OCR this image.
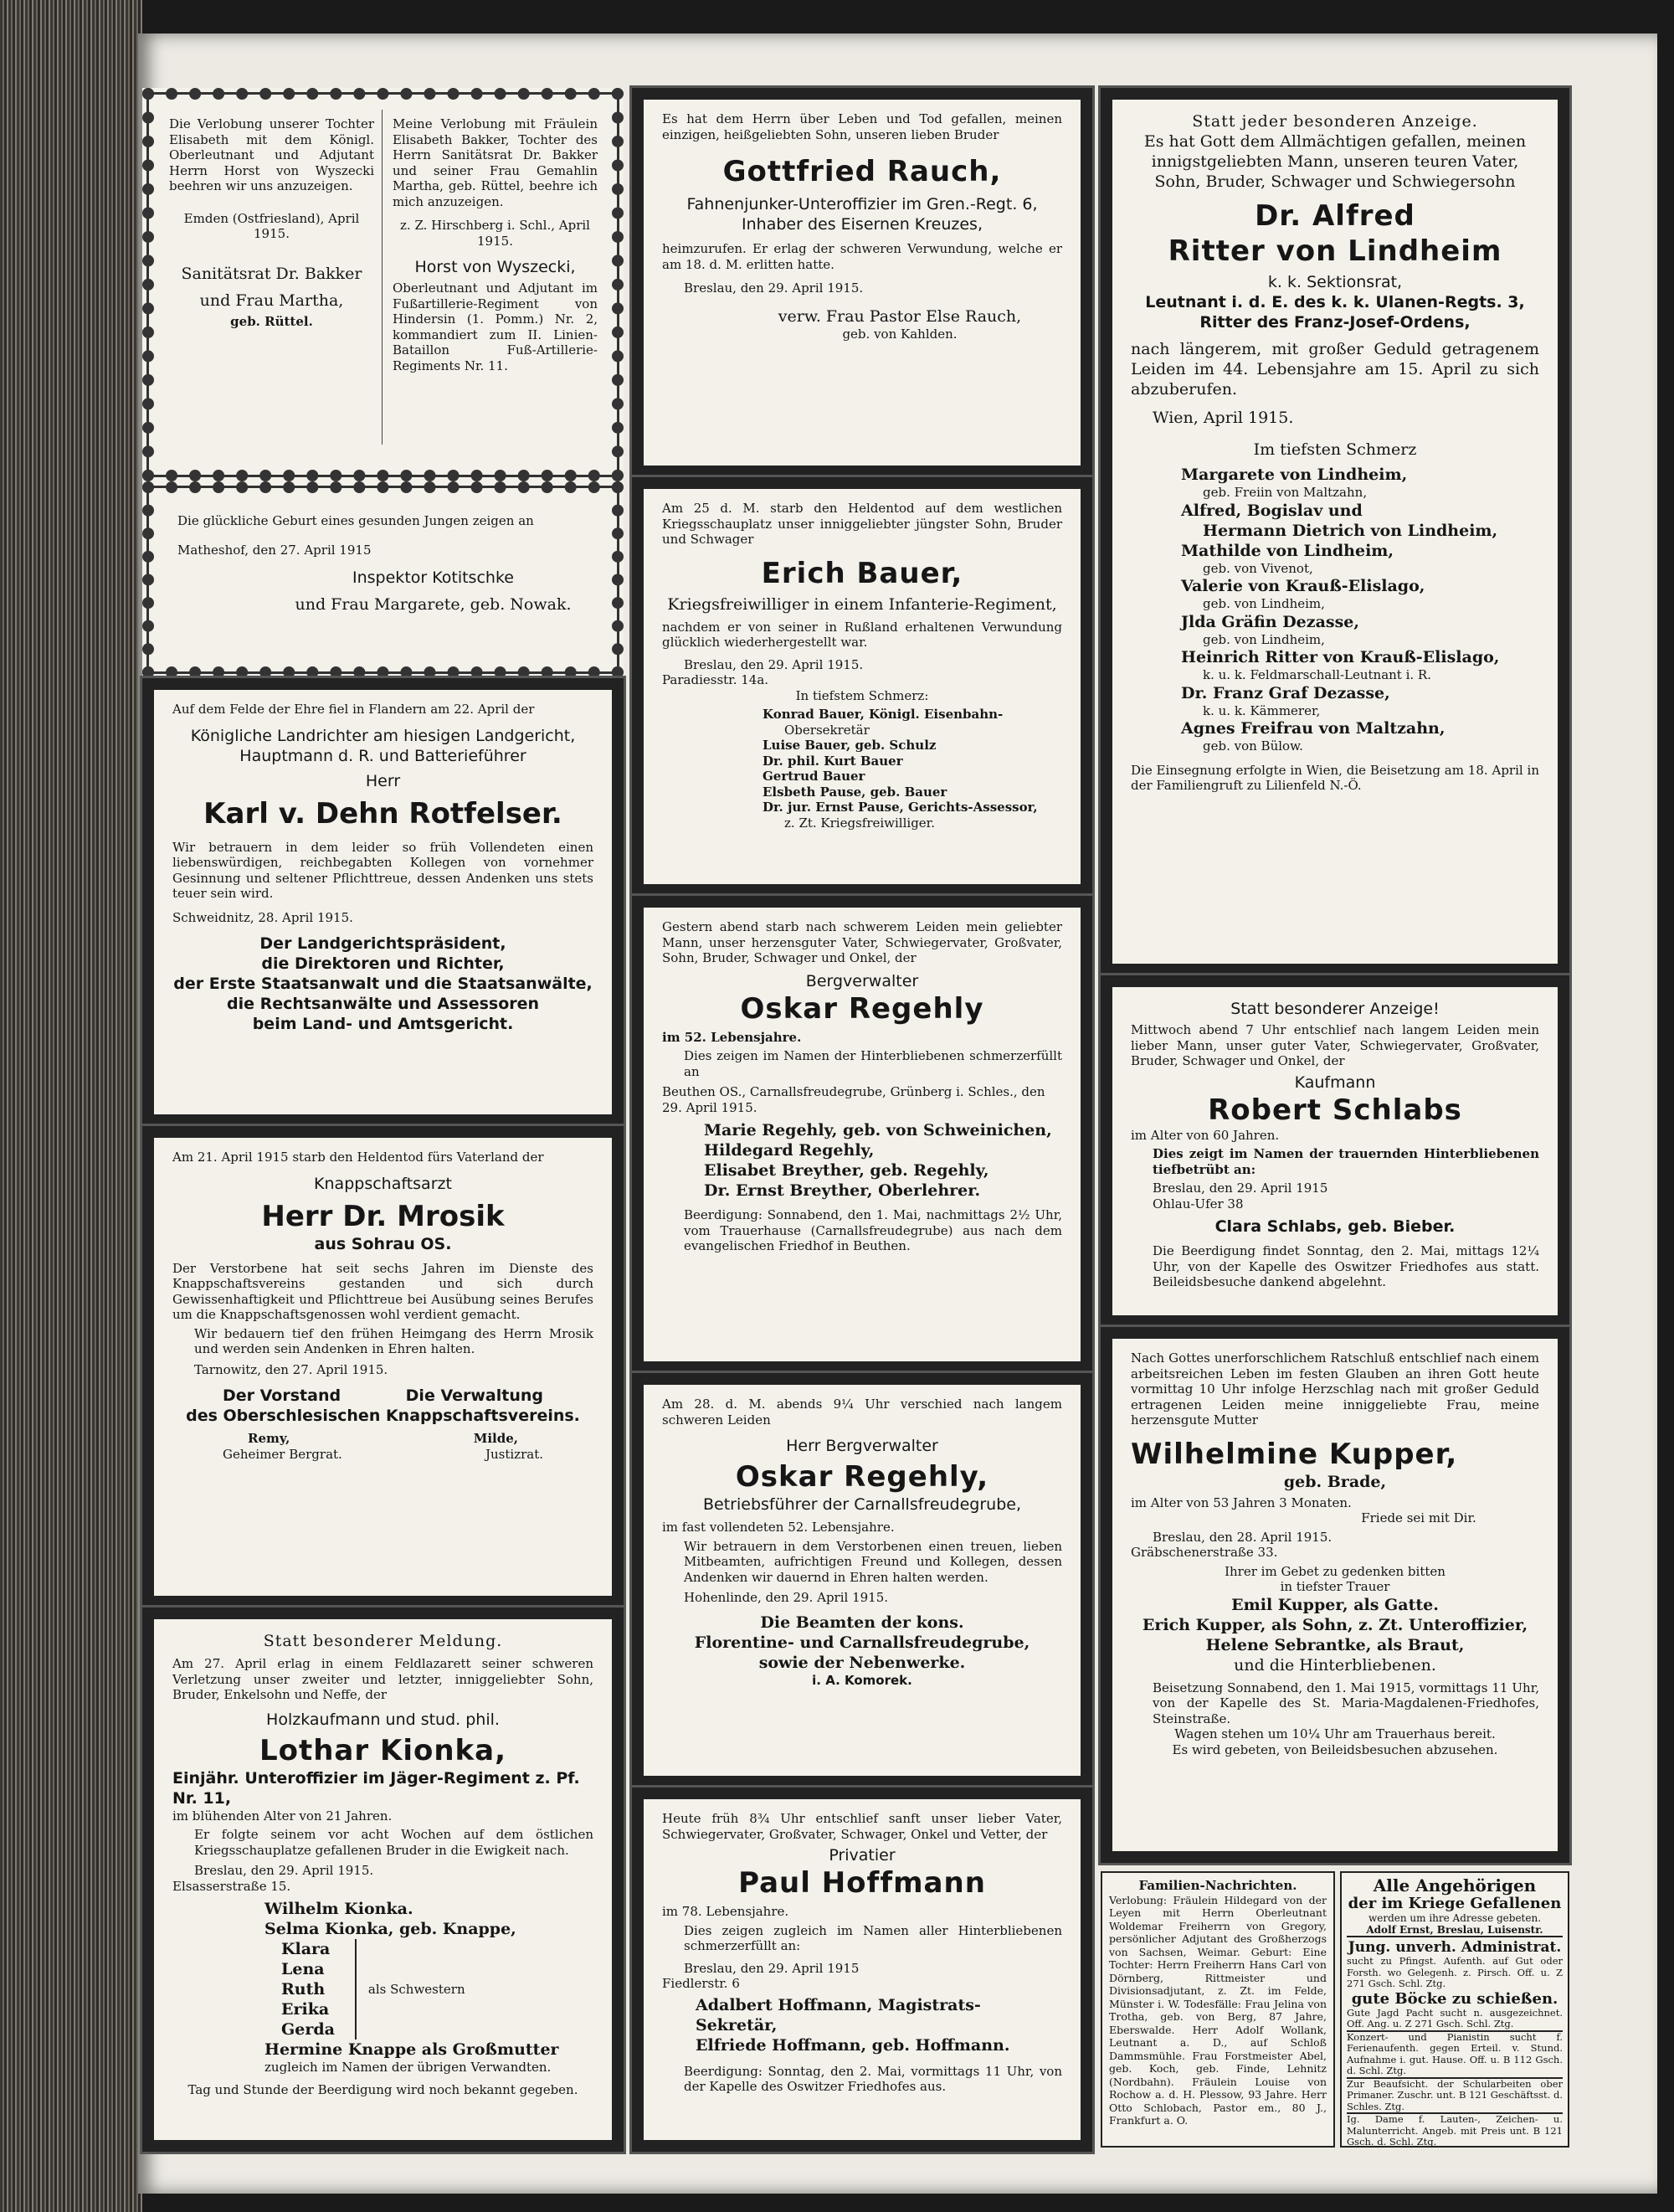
Die Verlobung unserer Tochter Elisabeth mit dem Königl. Oberleutnant und Adjutant Herrn Horst von Wyszecki beehren wir uns anzuzeigen.

Emden (Ostfriesland), April 1915.

Sanitätsrat Dr. Bakker

und Frau Martha,

geb. Rüttel.

Meine Verlobung mit Fräulein Elisabeth Bakker, Tochter des Herrn Sanitätsrat Dr. Bakker und seiner Frau Gemahlin Martha, geb. Rüttel, beehre ich mich anzuzeigen.

z. Z. Hirschberg i. Schl., April 1915.

Horst von Wyszecki,

Oberleutnant und Adjutant im Fußartillerie-Regiment von Hindersin (1. Pomm.) Nr. 2, kommandiert zum II. Linien-Bataillon Fuß-Artillerie-Regiments Nr. 11.

Die glückliche Geburt eines gesunden Jungen zeigen an

Matheshof, den 27. April 1915

Inspektor Kotitschke

und Frau Margarete, geb. Nowak.

Auf dem Felde der Ehre fiel in Flandern am 22. April der

Königliche Landrichter am hiesigen Landgericht,

Hauptmann d. R. und Batterieführer

Herr

Karl v. Dehn Rotfelser.

Wir betrauern in dem leider so früh Vollendeten einen liebenswürdigen, reichbegabten Kollegen von vornehmer Gesinnung und seltener Pflichttreue, dessen Andenken uns stets teuer sein wird.

Schweidnitz, 28. April 1915.

Der Landgerichtspräsident,

die Direktoren und Richter,

der Erste Staatsanwalt und die Staatsanwälte,

die Rechtsanwälte und Assessoren

beim Land- und Amtsgericht.

Am 21. April 1915 starb den Heldentod fürs Vaterland der

Knappschaftsarzt

Herr Dr. Mrosik

aus Sohrau OS.

Der Verstorbene hat seit sechs Jahren im Dienste des Knappschaftsvereins gestanden und sich durch Gewissenhaftigkeit und Pflichttreue bei Ausübung seines Berufes um die Knappschaftsgenossen wohl verdient gemacht.

Wir bedauern tief den frühen Heimgang des Herrn Mrosik und werden sein Andenken in Ehren halten.

Tarnowitz, den 27. April 1915.

Der Vorstand	Die Verwaltung

des Oberschlesischen Knappschaftsvereins.

Remy,	Milde,
Geheimer Bergrat.	Justizrat.

Statt besonderer Meldung.

Am 27. April erlag in einem Feldlazarett seiner schweren Verletzung unser zweiter und letzter, inniggeliebter Sohn, Bruder, Enkelsohn und Neffe, der

Holzkaufmann und stud. phil.

Lothar Kionka,

Einjähr. Unteroffizier im Jäger-Regiment z. Pf. Nr. 11,

im blühenden Alter von 21 Jahren.

Er folgte seinem vor acht Wochen auf dem östlichen Kriegsschauplatze gefallenen Bruder in die Ewigkeit nach.

Breslau, den 29. April 1915.

Elsasserstraße 15.

Wilhelm Kionka.

Selma Kionka, geb. Knappe,

Klara

Lena

Ruth

Erika

Gerda

als Schwestern

Hermine Knappe als Großmutter

zugleich im Namen der übrigen Verwandten.

Tag und Stunde der Beerdigung wird noch bekannt gegeben.

Es hat dem Herrn über Leben und Tod gefallen, meinen einzigen, heißgeliebten Sohn, unseren lieben Bruder

Gottfried Rauch,

Fahnenjunker-Unteroffizier im Gren.-Regt. 6,

Inhaber des Eisernen Kreuzes,

heimzurufen. Er erlag der schweren Verwundung, welche er am 18. d. M. erlitten hatte.

Breslau, den 29. April 1915.

verw. Frau Pastor Else Rauch,

geb. von Kahlden.

Am 25 d. M. starb den Heldentod auf dem westlichen Kriegsschauplatz unser inniggeliebter jüngster Sohn, Bruder und Schwager

Erich Bauer,

Kriegsfreiwilliger in einem Infanterie-Regiment,

nachdem er von seiner in Rußland erhaltenen Verwundung glücklich wiederhergestellt war.

Breslau, den 29. April 1915.

Paradiesstr. 14a.

In tiefstem Schmerz:

Konrad Bauer, Königl. Eisenbahn-

Obersekretär

Luise Bauer, geb. Schulz

Dr. phil. Kurt Bauer

Gertrud Bauer

Elsbeth Pause, geb. Bauer

Dr. jur. Ernst Pause, Gerichts-Assessor,

z. Zt. Kriegsfreiwilliger.

Gestern abend starb nach schwerem Leiden mein geliebter Mann, unser herzensguter Vater, Schwiegervater, Großvater, Sohn, Bruder, Schwager und Onkel, der

Bergverwalter

Oskar Regehly

im 52. Lebensjahre.

Dies zeigen im Namen der Hinterbliebenen schmerzerfüllt an

Beuthen OS., Carnallsfreudegrube, Grünberg i. Schles., den 29. April 1915.

Marie Regehly, geb. von Schweinichen,

Hildegard Regehly,

Elisabet Breyther, geb. Regehly,

Dr. Ernst Breyther, Oberlehrer.

Beerdigung: Sonnabend, den 1. Mai, nachmittags 2½ Uhr, vom Trauerhause (Carnallsfreudegrube) aus nach dem evangelischen Friedhof in Beuthen.

Am 28. d. M. abends 9¼ Uhr verschied nach langem schweren Leiden

Herr Bergverwalter

Oskar Regehly,

Betriebsführer der Carnallsfreudegrube,

im fast vollendeten 52. Lebensjahre.

Wir betrauern in dem Verstorbenen einen treuen, lieben Mitbeamten, aufrichtigen Freund und Kollegen, dessen Andenken wir dauernd in Ehren halten werden.

Hohenlinde, den 29. April 1915.

Die Beamten der kons.

Florentine- und Carnallsfreudegrube,

sowie der Nebenwerke.

i. A. Komorek.

Heute früh 8¾ Uhr entschlief sanft unser lieber Vater, Schwiegervater, Großvater, Schwager, Onkel und Vetter, der

Privatier

Paul Hoffmann

im 78. Lebensjahre.

Dies zeigen zugleich im Namen aller Hinterbliebenen schmerzerfüllt an:

Breslau, den 29. April 1915

Fiedlerstr. 6

Adalbert Hoffmann, Magistrats-Sekretär,

Elfriede Hoffmann, geb. Hoffmann.

Beerdigung: Sonntag, den 2. Mai, vormittags 11 Uhr, von der Kapelle des Oswitzer Friedhofes aus.

Statt jeder besonderen Anzeige.

Es hat Gott dem Allmächtigen gefallen, meinen innigstgeliebten Mann, unseren teuren Vater, Sohn, Bruder, Schwager und Schwiegersohn

Dr. Alfred

Ritter von Lindheim

k. k. Sektionsrat,

Leutnant i. d. E. des k. k. Ulanen-Regts. 3,

Ritter des Franz-Josef-Ordens,

nach längerem, mit großer Geduld getragenem Leiden im 44. Lebensjahre am 15. April zu sich abzuberufen.

Wien, April 1915.

Im tiefsten Schmerz

Margarete von Lindheim,

geb. Freiin von Maltzahn,

Alfred, Bogislav und

Hermann Dietrich von Lindheim,

Mathilde von Lindheim,

geb. von Vivenot,

Valerie von Krauß-Elislago,

geb. von Lindheim,

Jlda Gräfin Dezasse,

geb. von Lindheim,

Heinrich Ritter von Krauß-Elislago,

k. u. k. Feldmarschall-Leutnant i. R.

Dr. Franz Graf Dezasse,

k. u. k. Kämmerer,

Agnes Freifrau von Maltzahn,

geb. von Bülow.

Die Einsegnung erfolgte in Wien, die Beisetzung am 18. April in der Familiengruft zu Lilienfeld N.-Ö.

Statt besonderer Anzeige!

Mittwoch abend 7 Uhr entschlief nach langem Leiden mein lieber Mann, unser guter Vater, Schwiegervater, Großvater, Bruder, Schwager und Onkel, der

Kaufmann

Robert Schlabs

im Alter von 60 Jahren.

Dies zeigt im Namen der trauernden Hinterbliebenen tiefbetrübt an:

Breslau, den 29. April 1915

Ohlau-Ufer 38

Clara Schlabs, geb. Bieber.

Die Beerdigung findet Sonntag, den 2. Mai, mittags 12¼ Uhr, von der Kapelle des Oswitzer Friedhofes aus statt. Beileidsbesuche dankend abgelehnt.

Nach Gottes unerforschlichem Ratschluß entschlief nach einem arbeitsreichen Leben im festen Glauben an ihren Gott heute vormittag 10 Uhr infolge Herzschlag nach mit großer Geduld ertragenen Leiden meine inniggeliebte Frau, meine herzensgute Mutter

Wilhelmine Kupper,

geb. Brade,

im Alter von 53 Jahren 3 Monaten.

Friede sei mit Dir.

Breslau, den 28. April 1915.

Gräbschenerstraße 33.

Ihrer im Gebet zu gedenken bitten

in tiefster Trauer

Emil Kupper, als Gatte.

Erich Kupper, als Sohn, z. Zt. Unteroffizier,

Helene Sebrantke, als Braut,

und die Hinterbliebenen.

Beisetzung Sonnabend, den 1. Mai 1915, vormittags 11 Uhr, von der Kapelle des St. Maria-Magdalenen-Friedhofes, Steinstraße.

Wagen stehen um 10¼ Uhr am Trauerhaus bereit.

Es wird gebeten, von Beileidsbesuchen abzusehen.

Familien-Nachrichten.

Verlobung: Fräulein Hildegard von der Leyen mit Herrn Oberleutnant Woldemar Freiherrn von Gregory, persönlicher Adjutant des Großherzogs von Sachsen, Weimar. Geburt: Eine Tochter: Herrn Freiherrn Hans Carl von Dörnberg, Rittmeister und Divisionsadjutant, z. Zt. im Felde, Münster i. W. Todesfälle: Frau Jelina von Trotha, geb. von Berg, 87 Jahre, Eberswalde. Herr Adolf Wollank, Leutnant a. D., auf Schloß Dammsmühle. Frau Forstmeister Abel, geb. Koch, geb. Finde, Lehnitz (Nordbahn). Fräulein Louise von Rochow a. d. H. Plessow, 93 Jahre. Herr Otto Schlobach, Pastor em., 80 J., Frankfurt a. O.

Alle Angehörigen

der im Kriege Gefallenen

werden um ihre Adresse gebeten.

Adolf Ernst, Breslau, Luisenstr.

Jung. unverh. Administrat.

sucht zu Pfingst. Aufenth. auf Gut oder Forsth. wo Gelegenh. z. Pirsch. Off. u. Z 271 Gsch. Schl. Ztg.

gute Böcke zu schießen.

Gute Jagd Pacht sucht n. ausgezeichnet. Off. Ang. u. Z 271 Gsch. Schl. Ztg.

Konzert- und Pianistin sucht f. Ferienaufenth. gegen Erteil. v. Stund. Aufnahme i. gut. Hause. Off. u. B 112 Gsch. d. Schl. Ztg.

Zur Beaufsicht. der Schularbeiten ober Primaner. Zuschr. unt. B 121 Geschäftsst. d. Schles. Ztg.

Ig. Dame f. Lauten-, Zeichen- u. Malunterricht. Angeb. mit Preis unt. B 121 Gsch. d. Schl. Ztg.
